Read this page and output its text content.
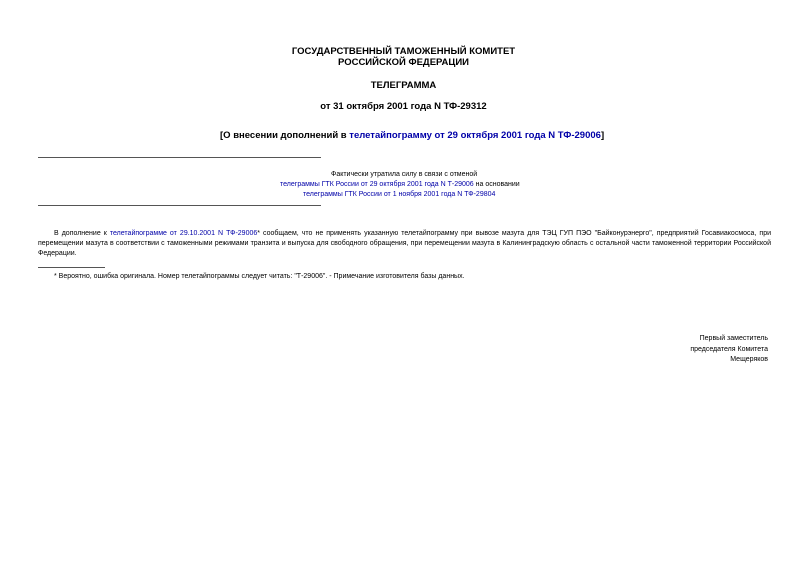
ГОСУДАРСТВЕННЫЙ ТАМОЖЕННЫЙ КОМИТЕТ

РОССИЙСКОЙ ФЕДЕРАЦИИ

ТЕЛЕГРАММА

от 31 октября 2001 года N ТФ-29312

[О внесении дополнений в телетайпограмму от 29 октября 2001 года N ТФ-29006]

Фактически утратила силу в связи с отменой

телеграммы ГТК России от 29 октября 2001 года N Т-29006 на основании

телеграммы ГТК России от 1 ноября 2001 года N ТФ-29804

В дополнение к телетайпограмме от 29.10.2001 N ТФ-29006* сообщаем, что не применять указанную телетайпограмму при вывозе мазута для ТЭЦ ГУП ПЭО "Байконурэнерго", предприятий Госавиакосмоса, при перемещении мазута в соответствии с таможенными режимами транзита и выпуска для свободного обращения, при перемещении мазута в Калининградскую область с остальной части таможенной территории Российской Федерации.

* Вероятно, ошибка оригинала. Номер телетайпограммы следует читать: "Т-29006". - Примечание изготовителя базы данных.

Первый заместитель
председателя Комитета
Мещеряков
